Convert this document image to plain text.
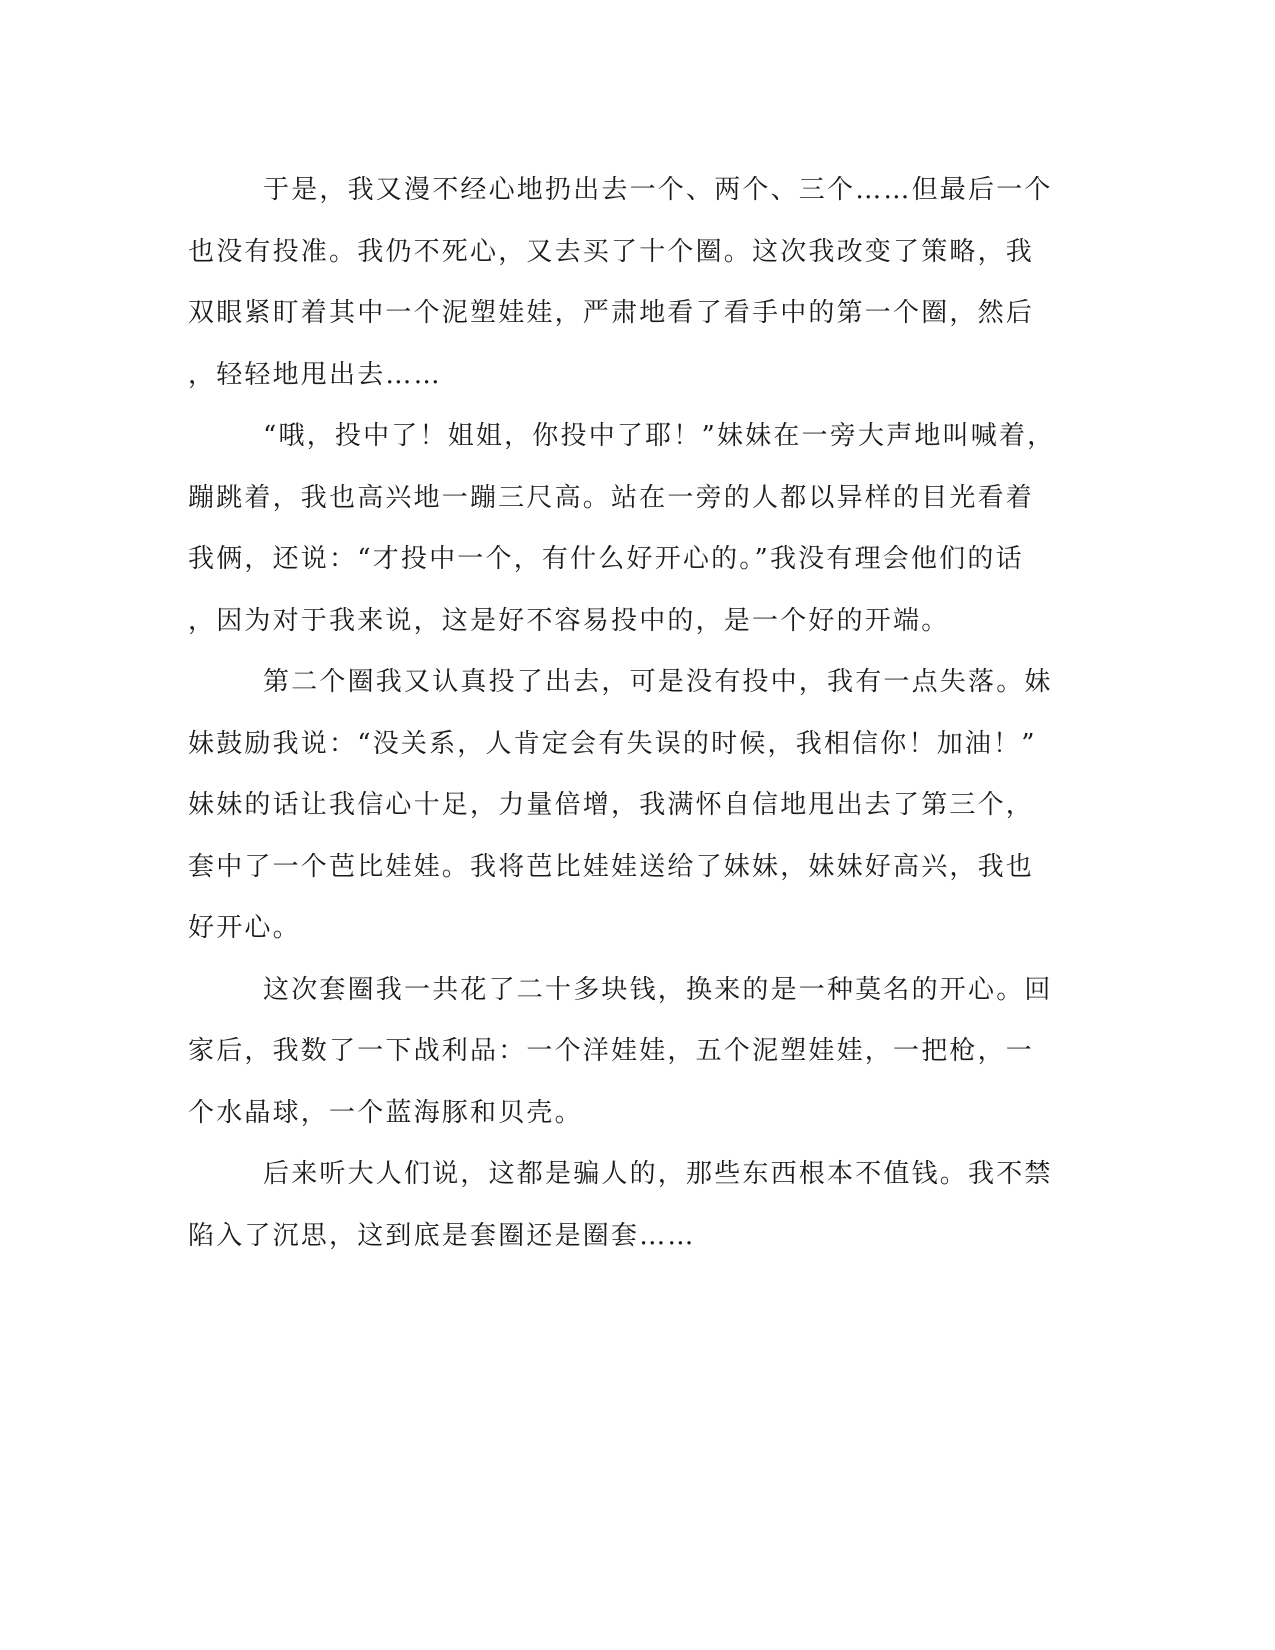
于是，我又漫不经心地扔出去一个、两个、三个……但最后一个
也没有投准。我仍不死心，又去买了十个圈。这次我改变了策略，我
双眼紧盯着其中一个泥塑娃娃，严肃地看了看手中的第一个圈，然后
，轻轻地甩出去……
“哦，投中了！姐姐，你投中了耶！”妹妹在一旁大声地叫喊着，
蹦跳着，我也高兴地一蹦三尺高。站在一旁的人都以异样的目光看着
我俩，还说：“才投中一个，有什么好开心的。”我没有理会他们的话
，因为对于我来说，这是好不容易投中的，是一个好的开端。
第二个圈我又认真投了出去，可是没有投中，我有一点失落。妹
妹鼓励我说：“没关系，人肯定会有失误的时候，我相信你！加油！”
妹妹的话让我信心十足，力量倍增，我满怀自信地甩出去了第三个，
套中了一个芭比娃娃。我将芭比娃娃送给了妹妹，妹妹好高兴，我也
好开心。
这次套圈我一共花了二十多块钱，换来的是一种莫名的开心。回
家后，我数了一下战利品：一个洋娃娃，五个泥塑娃娃，一把枪，一
个水晶球，一个蓝海豚和贝壳。
后来听大人们说，这都是骗人的，那些东西根本不值钱。我不禁
陷入了沉思，这到底是套圈还是圈套……
